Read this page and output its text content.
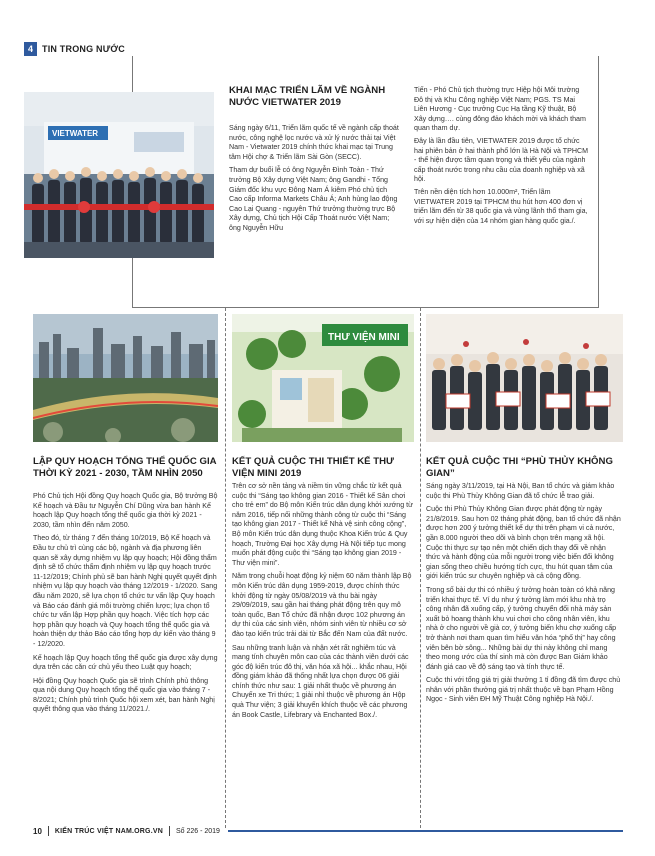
4	TIN TRONG NƯỚC
VIETWATER
KHAI MẠC TRIỂN LÃM VỀ NGÀNH NƯỚC VIETWATER 2019

Sáng ngày 6/11, Triển lãm quốc tế về ngành cấp thoát nước, công nghệ lọc nước và xử lý nước thải tại Việt Nam - Vietwater 2019 chính thức khai mạc tại Trung tâm Hội chợ & Triển lãm Sài Gòn (SECC).

Tham dự buổi lễ có ông Nguyễn Đình Toàn - Thứ trưởng Bộ Xây dựng Việt Nam; ông Gandhi - Tổng Giám đốc khu vực Đông Nam Á kiêm Phó chủ tịch Cao cấp Informa Markets Châu Á; Anh hùng lao động Cao Lại Quang - nguyên Thứ trưởng thường trực Bộ Xây dựng, Chủ tịch Hội Cấp Thoát nước Việt Nam; ông Nguyễn Hữu

Tiến - Phó Chủ tịch thường trực Hiệp hội Môi trường Đô thị và Khu Công nghiệp Việt Nam; PGS. TS Mai Liên Hương - Cục trưởng Cục Hạ tầng Kỹ thuật, Bộ Xây dựng…. cùng đông đảo khách mời và khách tham quan tham dự.

Đây là lần đầu tiên, VIETWATER 2019 được tổ chức hai phiên bản ở hai thành phố lớn là Hà Nội và TPHCM - thể hiện được tầm quan trọng và thiết yếu của ngành cấp thoát nước trong nhu cầu của doanh nghiệp và xã hội.

Trên nền diện tích hơn 10.000m², Triển lãm VIETWATER 2019 tại TPHCM thu hút hơn 400 đơn vị triển lãm đến từ 38 quốc gia và vùng lãnh thổ tham gia, với sự hiện diện của 14 nhóm gian hàng quốc gia./.

THƯ VIỆN MINI
LẬP QUY HOẠCH TỔNG THỂ QUỐC GIA THỜI KỲ 2021 - 2030, TẦM NHÌN 2050

Phó Chủ tịch Hội đồng Quy hoạch Quốc gia, Bộ trưởng Bộ Kế hoạch và Đầu tư Nguyễn Chí Dũng vừa ban hành Kế hoạch lập Quy hoạch tổng thể quốc gia thời kỳ 2021 - 2030, tầm nhìn đến năm 2050.

Theo đó, từ tháng 7 đến tháng 10/2019, Bộ Kế hoạch và Đầu tư chủ trì cùng các bộ, ngành và địa phương liên quan sẽ xây dựng nhiệm vụ lập quy hoạch; Hội đồng thẩm định sẽ tổ chức thẩm định nhiệm vụ lập quy hoạch trước 11-12/2019; Chính phủ sẽ ban hành Nghị quyết quyết định nhiệm vụ lập quy hoạch vào tháng 12/2019 - 1/2020. Sang đầu năm 2020, sẽ lựa chọn tổ chức tư vấn lập Quy hoạch và Báo cáo đánh giá môi trường chiến lược; lựa chọn tổ chức tư vấn lập Hợp phần quy hoạch. Việc tích hợp các hợp phần quy hoạch và Quy hoạch tổng thể quốc gia và hoàn thiện dự thảo Báo cáo tổng hợp dự kiến vào tháng 9 - 12/2020.

Kế hoạch lập Quy hoạch tổng thể quốc gia được xây dựng dựa trên các căn cứ chủ yếu theo Luật quy hoạch;

Hội đồng Quy hoạch Quốc gia sẽ trình Chính phủ thông qua nội dung Quy hoạch tổng thể quốc gia vào tháng 7 - 8/2021; Chính phủ trình Quốc hội xem xét, ban hành Nghị quyết thông qua vào tháng 11/2021./.

KẾT QUẢ CUỘC THI THIẾT KẾ THƯ VIỆN MINI 2019

Trên cơ sở nền tảng và niềm tin vững chắc từ kết quả cuộc thi “Sáng tạo không gian 2016 - Thiết kế Sân chơi cho trẻ em” do Bộ môn Kiến trúc dân dụng khởi xướng từ năm 2016, tiếp nối những thành công từ cuộc thi “Sáng tạo không gian 2017 - Thiết kế Nhà vệ sinh công cộng”, Bộ môn Kiến trúc dân dụng thuộc Khoa Kiến trúc & Quy hoạch, Trường Đại học Xây dựng Hà Nội tiếp tục mong muốn phát động cuộc thi “Sáng tạo không gian 2019 - Thư viện mini”.

Năm trong chuỗi hoạt động kỷ niệm 60 năm thành lập Bộ môn Kiến trúc dân dụng 1959-2019, được chính thức khởi động từ ngày 05/08/2019 và thu bài ngày 29/09/2019, sau gần hai tháng phát động trên quy mô toàn quốc, Ban Tổ chức đã nhận được 102 phương án dự thi của các sinh viên, nhóm sinh viên từ nhiều cơ sở đào tạo kiến trúc trải dài từ Bắc đến Nam của đất nước.

Sau những tranh luận và nhận xét rất nghiêm túc và mang tính chuyên môn cao của các thành viên dưới các góc độ kiến trúc đô thị, văn hóa xã hội... khắc nhau, Hội đồng giám khảo đã thống nhất lựa chọn được 06 giải chính thức như sau: 1 giải nhất thuộc về phương án Chuyến xe Tri thức; 1 giải nhì thuộc về phương án Hộp quà Thư viện; 3 giải khuyến khích thuộc về các phương án Book Castle, Lifebrary và Enchanted Box./.

KẾT QUẢ CUỘC THI “PHÙ THỦY KHÔNG GIAN”

Sáng ngày 3/11/2019, tại Hà Nội, Ban tổ chức và giám khảo cuộc thi Phù Thủy Không Gian đã tổ chức lễ trao giải.

Cuộc thi Phù Thủy Không Gian được phát động từ ngày 21/8/2019. Sau hơn 02 tháng phát động, ban tổ chức đã nhận được hơn 200 ý tưởng thiết kế dự thi trên phạm vi cả nước, gần 8.000 người theo dõi và bình chọn trên mạng xã hội. Cuộc thi thực sự tạo nên một chiến dịch thay đổi về nhận thức và hành động của mỗi người trong việc biến đổi không gian sống theo chiều hướng tích cực, thu hút quan tâm của giới kiến trúc sư chuyên nghiệp và cả cộng đồng.

Trong số bài dự thi có nhiều ý tưởng hoàn toàn có khả năng triển khai thực tế. Ví dụ như ý tưởng làm mới khu nhà trọ công nhân đã xuống cấp, ý tưởng chuyển đổi nhà máy sản xuất bỏ hoang thành khu vui chơi cho công nhân viên, khu nhà ở cho người về già cơ, ý tưởng biến khu chợ xuống cấp trở thành nơi tham quan tìm hiểu văn hóa “phố thị” hay công viên bên bờ sông... Những bài dự thi này không chỉ mang theo mong ước của thí sinh mà còn được Ban Giám khảo đánh giá cao về độ sáng tạo và tính thực tế.

Cuộc thi với tổng giá trị giải thưởng 1 tỉ đồng đã tìm được chủ nhân với phần thưởng giá trị nhất thuộc về bạn Phạm Hồng Ngọc - Sinh viên ĐH Mỹ Thuật Công nghiệp Hà Nội./.

10 KIẾN TRÚC VIỆT NAM.ORG.VN Số 226 - 2019
